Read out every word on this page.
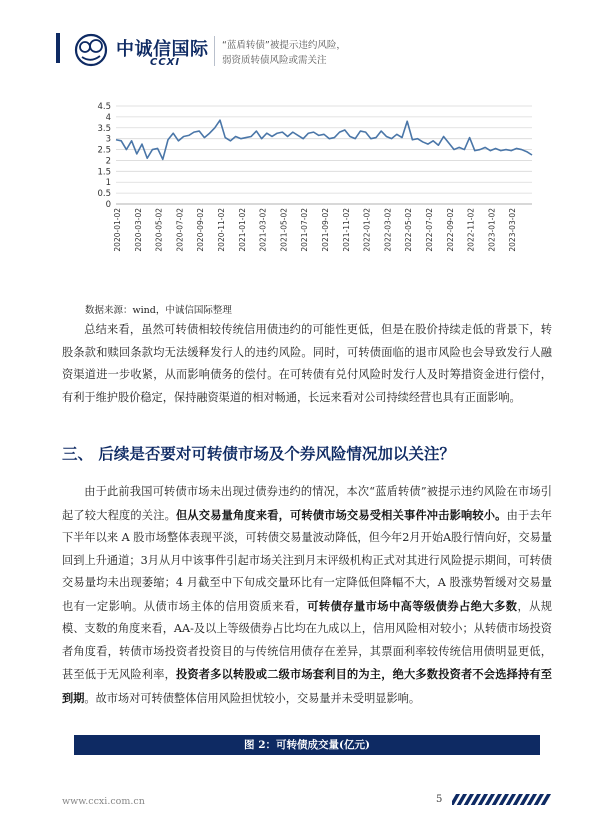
中诚信国际
CCXI
“蓝盾转债”被提示违约风险，
弱资质转债风险或需关注
0
0.5
1
1.5
2
2.5
3
3.5
4
4.5
2020-01-02 2020-03-02 2020-05-02 2020-07-02 2020-09-02 2020-11-02 2021-01-02 2021-03-02 2021-05-02 2021-07-02 2021-09-02 2021-11-02 2022-01-02 2022-03-02 2022-05-02 2022-07-02 2022-09-02 2022-11-02 2023-01-02 2023-03-02
数据来源：wind，中诚信国际整理
总结来看，虽然可转债相较传统信用债违约的可能性更低，但是在股价持续走低的背景下，转股条款和赎回条款均无法缓释发行人的违约风险。同时，可转债面临的退市风险也会导致发行人融资渠道进一步收紧，从而影响债务的偿付。在可转债有兑付风险时发行人及时筹措资金进行偿付，有利于维护股价稳定，保持融资渠道的相对畅通，长远来看对公司持续经营也具有正面影响。
三、 后续是否要对可转债市场及个券风险情况加以关注？
由于此前我国可转债市场未出现过债券违约的情况，本次“蓝盾转债”被提示违约风险在市场引起了较大程度的关注。但从交易量角度来看，可转债市场交易受相关事件冲击影响较小。由于去年下半年以来 A 股市场整体表现平淡，可转债交易量波动降低，但今年2月开始A股行情向好，交易量回到上升通道；3月从月中该事件引起市场关注到月末评级机构正式对其进行风险提示期间，可转债交易量均未出现萎缩；4 月截至中下旬成交量环比有一定降低但降幅不大，A 股涨势暂缓对交易量也有一定影响。从债市场主体的信用资质来看，可转债存量市场中高等级债券占绝大多数，从规模、支数的角度来看，AA-及以上等级债券占比均在九成以上，信用风险相对较小；从转债市场投资者角度看，转债市场投资者投资目的与传统信用债存在差异，其票面利率较传统信用债明显更低，甚至低于无风险利率，投资者多以转股或二级市场套利目的为主，绝大多数投资者不会选择持有至到期。故市场对可转债整体信用风险担忧较小，交易量并未受明显影响。
图 2：可转债成交量(亿元)
www.ccxi.com.cn	5
